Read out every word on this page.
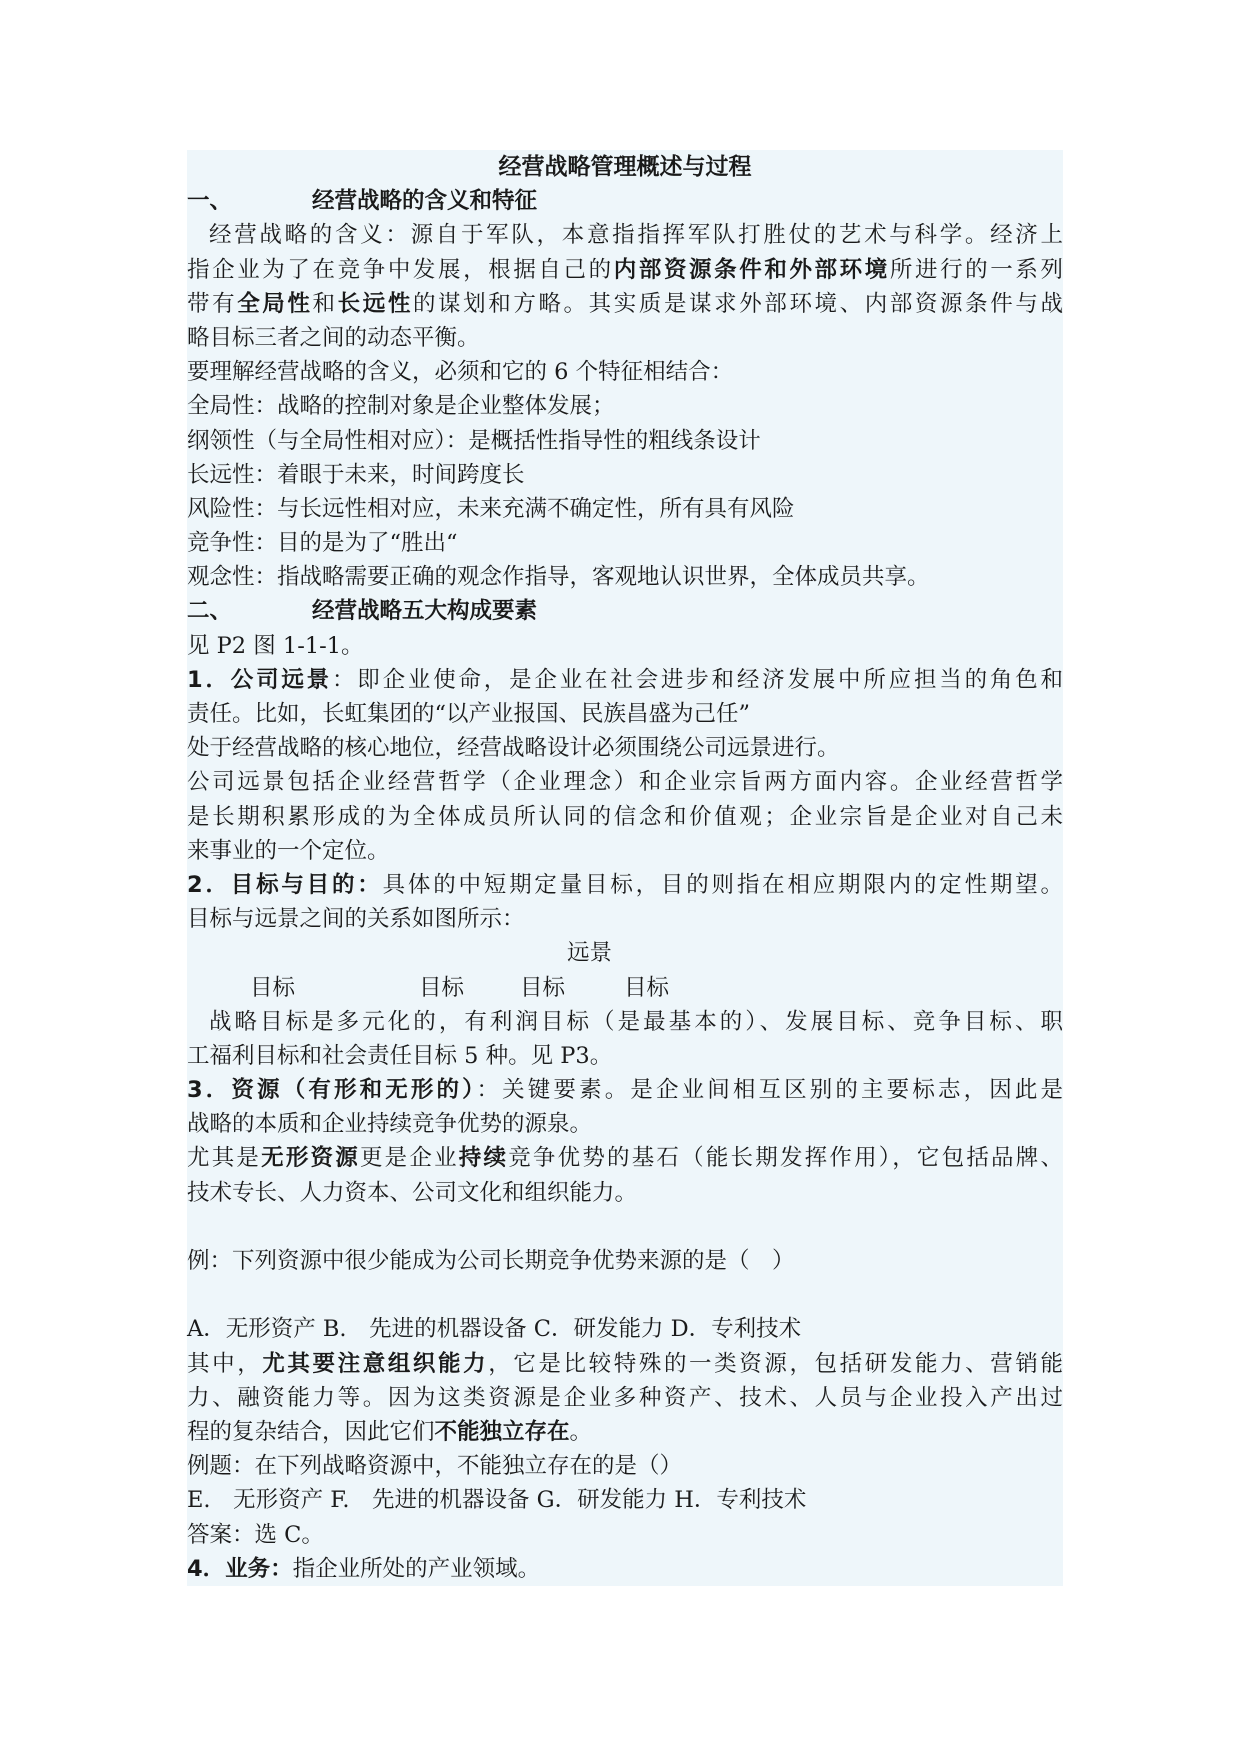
经营战略管理概述与过程
一、	经营战略的含义和特征
经营战略的含义：源自于军队，本意指指挥军队打胜仗的艺术与科学。经济上
指企业为了在竞争中发展，根据自己的内部资源条件和外部环境所进行的一系列
带有全局性和长远性的谋划和方略。其实质是谋求外部环境、内部资源条件与战
略目标三者之间的动态平衡。
要理解经营战略的含义，必须和它的 6 个特征相结合：
全局性：战略的控制对象是企业整体发展；
纲领性（与全局性相对应）：是概括性指导性的粗线条设计
长远性：着眼于未来，时间跨度长
风险性：与长远性相对应，未来充满不确定性，所有具有风险
竞争性：目的是为了“胜出“
观念性：指战略需要正确的观念作指导，客观地认识世界，全体成员共享。
二、	经营战略五大构成要素
见 P2 图 1-1-1。
1．公司远景：即企业使命，是企业在社会进步和经济发展中所应担当的角色和
责任。比如，长虹集团的“以产业报国、民族昌盛为己任”
处于经营战略的核心地位，经营战略设计必须围绕公司远景进行。
公司远景包括企业经营哲学（企业理念）和企业宗旨两方面内容。企业经营哲学
是长期积累形成的为全体成员所认同的信念和价值观；企业宗旨是企业对自己未
来事业的一个定位。
2．目标与目的：具体的中短期定量目标，目的则指在相应期限内的定性期望。
目标与远景之间的关系如图所示：
远景
目标	目标 目标	目标
战略目标是多元化的，有利润目标（是最基本的）、发展目标、竞争目标、职
工福利目标和社会责任目标 5 种。见 P3。
3．资源（有形和无形的）：关键要素。是企业间相互区别的主要标志，因此是
战略的本质和企业持续竞争优势的源泉。
尤其是无形资源更是企业持续竞争优势的基石（能长期发挥作用），它包括品牌、
技术专长、人力资本、公司文化和组织能力。
例：下列资源中很少能成为公司长期竞争优势来源的是（　）
A．无形资产 B.　先进的机器设备 C．研发能力 D．专利技术
其中，尤其要注意组织能力，它是比较特殊的一类资源，包括研发能力、营销能
力、融资能力等。因为这类资源是企业多种资产、技术、人员与企业投入产出过
程的复杂结合，因此它们不能独立存在。
例题：在下列战略资源中，不能独立存在的是（）
E.　无形资产 F.　先进的机器设备 G．研发能力 H．专利技术
答案：选 C。
4．业务：指企业所处的产业领域。
